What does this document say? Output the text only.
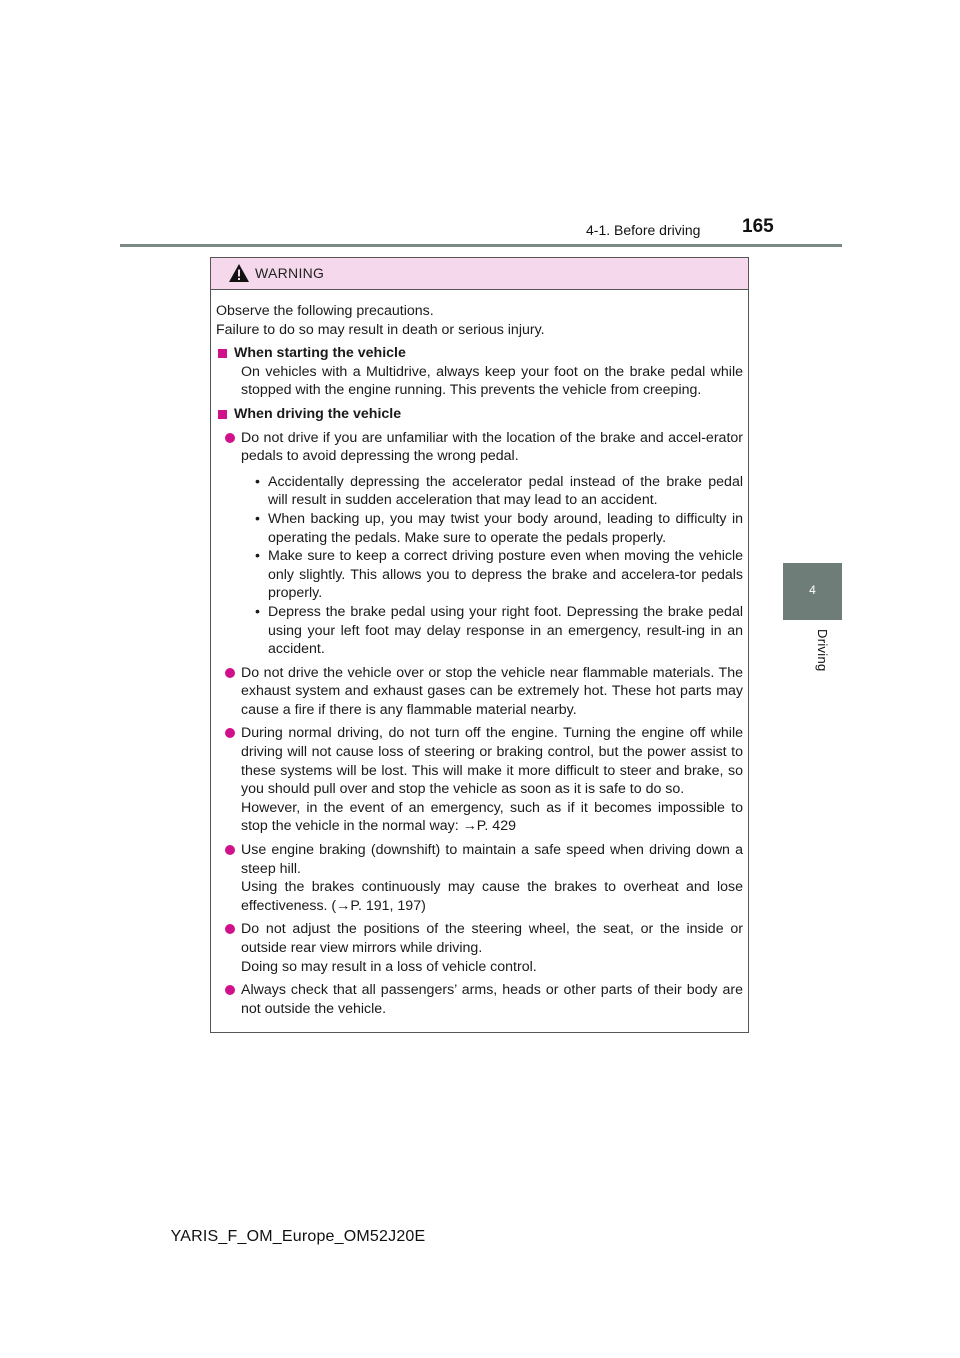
4-1. Before driving 165
4
Driving
WARNING

Observe the following precautions.
Failure to do so may result in death or serious injury.

When starting the vehicle

On vehicles with a Multidrive, always keep your foot on the brake pedal while stopped with the engine running. This prevents the vehicle from creeping.

When driving the vehicle

Do not drive if you are unfamiliar with the location of the brake and accel-erator pedals to avoid depressing the wrong pedal.

• Accidentally depressing the accelerator pedal instead of the brake pedal will result in sudden acceleration that may lead to an accident.

• When backing up, you may twist your body around, leading to difficulty in operating the pedals. Make sure to operate the pedals properly.

• Make sure to keep a correct driving posture even when moving the vehicle only slightly. This allows you to depress the brake and accelera-tor pedals properly.

• Depress the brake pedal using your right foot. Depressing the brake pedal using your left foot may delay response in an emergency, result-ing in an accident.

Do not drive the vehicle over or stop the vehicle near flammable materials. The exhaust system and exhaust gases can be extremely hot. These hot parts may cause a fire if there is any flammable material nearby.

During normal driving, do not turn off the engine. Turning the engine off while driving will not cause loss of steering or braking control, but the power assist to these systems will be lost. This will make it more difficult to steer and brake, so you should pull over and stop the vehicle as soon as it is safe to do so.

However, in the event of an emergency, such as if it becomes impossible to stop the vehicle in the normal way: →P. 429

Use engine braking (downshift) to maintain a safe speed when driving down a steep hill.

Using the brakes continuously may cause the brakes to overheat and lose effectiveness. (→P. 191, 197)

Do not adjust the positions of the steering wheel, the seat, or the inside or outside rear view mirrors while driving.

Doing so may result in a loss of vehicle control.

Always check that all passengers’ arms, heads or other parts of their body are not outside the vehicle.

YARIS_F_OM_Europe_OM52J20E
